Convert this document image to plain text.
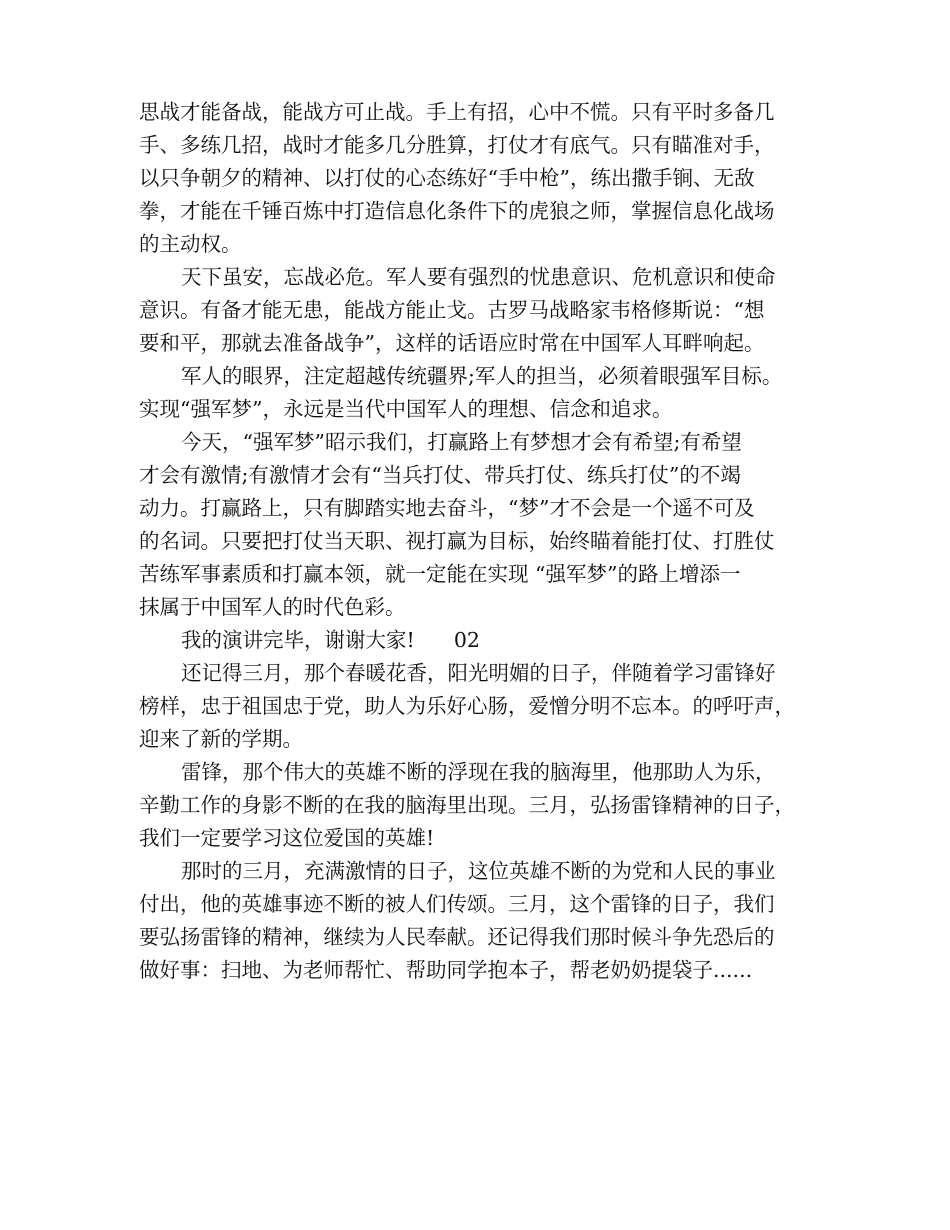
思战才能备战，能战方可止战。手上有招，心中不慌。只有平时多备几
手、多练几招，战时才能多几分胜算，打仗才有底气。只有瞄准对手，
以只争朝夕的精神、以打仗的心态练好“手中枪”，练出撒手锏、无敌
拳，才能在千锤百炼中打造信息化条件下的虎狼之师，掌握信息化战场
的主动权。
天下虽安，忘战必危。军人要有强烈的忧患意识、危机意识和使命
意识。有备才能无患，能战方能止戈。古罗马战略家韦格修斯说：“想
要和平，那就去准备战争”，这样的话语应时常在中国军人耳畔响起。
军人的眼界，注定超越传统疆界;军人的担当，必须着眼强军目标。
实现“强军梦”，永远是当代中国军人的理想、信念和追求。
今天，“强军梦”昭示我们，打赢路上有梦想才会有希望;有希望
才会有激情;有激情才会有“当兵打仗、带兵打仗、练兵打仗”的不竭
动力。打赢路上，只有脚踏实地去奋斗，“梦”才不会是一个遥不可及
的名词。只要把打仗当天职、视打赢为目标，始终瞄着能打仗、打胜仗
苦练军事素质和打赢本领，就一定能在实现 “强军梦”的路上增添一
抹属于中国军人的时代色彩。
我的演讲完毕，谢谢大家!      02
还记得三月，那个春暖花香，阳光明媚的日子，伴随着学习雷锋好
榜样，忠于祖国忠于党，助人为乐好心肠，爱憎分明不忘本。的呼吁声，
迎来了新的学期。
雷锋，那个伟大的英雄不断的浮现在我的脑海里，他那助人为乐，
辛勤工作的身影不断的在我的脑海里出现。三月，弘扬雷锋精神的日子，
我们一定要学习这位爱国的英雄!
那时的三月，充满激情的日子，这位英雄不断的为党和人民的事业
付出，他的英雄事迹不断的被人们传颂。三月，这个雷锋的日子，我们
要弘扬雷锋的精神，继续为人民奉献。还记得我们那时候斗争先恐后的
做好事：扫地、为老师帮忙、帮助同学抱本子，帮老奶奶提袋子......
